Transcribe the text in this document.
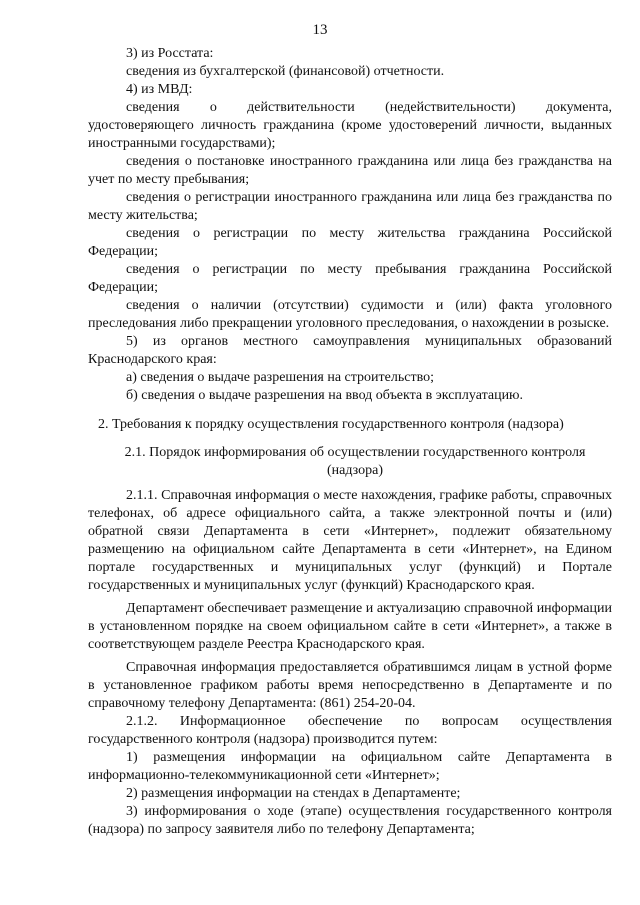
13

3) из Росстата:

сведения из бухгалтерской (финансовой) отчетности.

4) из МВД:

сведения о действительности (недействительности) документа, удостоверяющего личность гражданина (кроме удостоверений личности, выданных иностранными государствами);

сведения о постановке иностранного гражданина или лица без гражданства на учет по месту пребывания;

сведения о регистрации иностранного гражданина или лица без гражданства по месту жительства;

сведения о регистрации по месту жительства гражданина Российской Федерации;

сведения о регистрации по месту пребывания гражданина Российской Федерации;

сведения о наличии (отсутствии) судимости и (или) факта уголовного преследования либо прекращении уголовного преследования, о нахождении в розыске.

5) из органов местного самоуправления муниципальных образований Краснодарского края:

а) сведения о выдаче разрешения на строительство;

б) сведения о выдаче разрешения на ввод объекта в эксплуатацию.

2. Требования к порядку осуществления государственного контроля (надзора)

2.1. Порядок информирования об осуществлении государственного контроля (надзора)

2.1.1. Справочная информация о месте нахождения, графике работы, справочных телефонах, об адресе официального сайта, а также электронной почты и (или) обратной связи Департамента в сети «Интернет», подлежит обязательному размещению на официальном сайте Департамента в сети «Интернет», на Едином портале государственных и муниципальных услуг (функций) и Портале государственных и муниципальных услуг (функций) Краснодарского края.

Департамент обеспечивает размещение и актуализацию справочной информации в установленном порядке на своем официальном сайте в сети «Интернет», а также в соответствующем разделе Реестра Краснодарского края.

Справочная информация предоставляется обратившимся лицам в устной форме в установленное графиком работы время непосредственно в Департаменте и по справочному телефону Департамента: (861) 254-20-04.

2.1.2. Информационное обеспечение по вопросам осуществления государственного контроля (надзора) производится путем:

1) размещения информации на официальном сайте Департамента в информационно-телекоммуникационной сети «Интернет»;

2) размещения информации на стендах в Департаменте;

3) информирования о ходе (этапе) осуществления государственного контроля (надзора) по запросу заявителя либо по телефону Департамента;
